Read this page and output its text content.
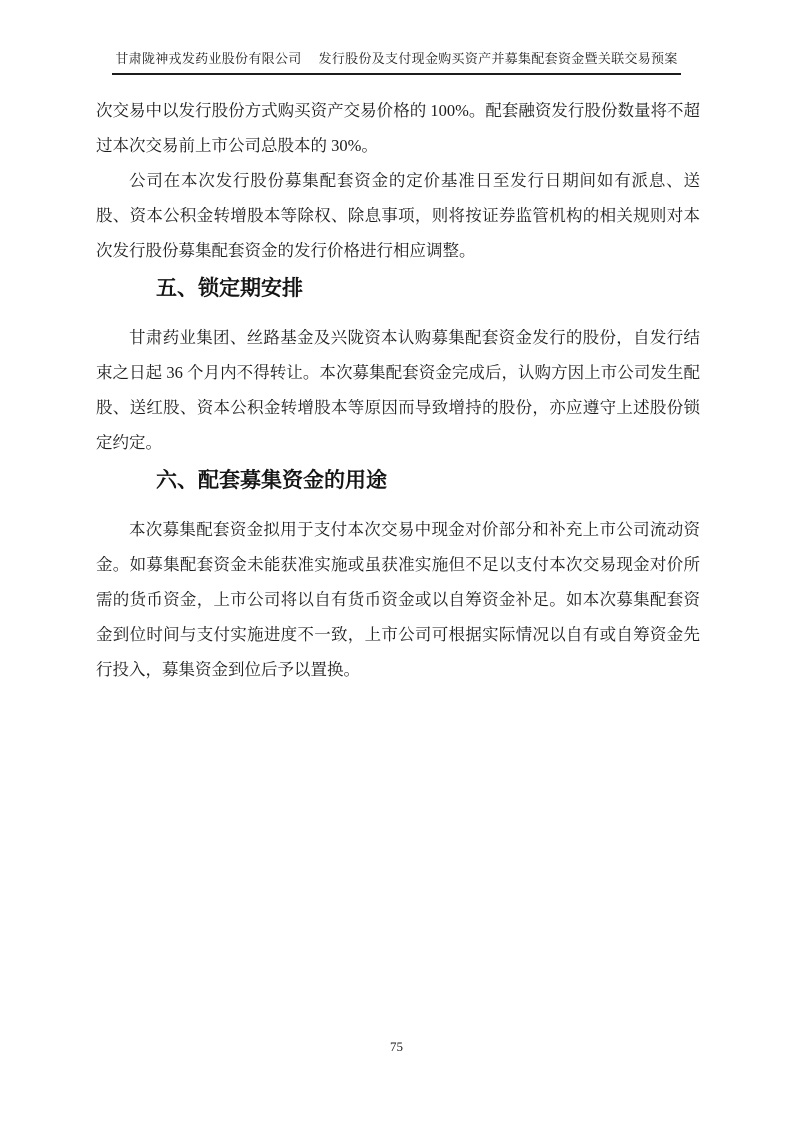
甘肃陇神戎发药业股份有限公司 发行股份及支付现金购买资产并募集配套资金暨关联交易预案

次交易中以发行股份方式购买资产交易价格的 100%。配套融资发行股份数量将不超过本次交易前上市公司总股本的 30%。

公司在本次发行股份募集配套资金的定价基准日至发行日期间如有派息、送股、资本公积金转增股本等除权、除息事项，则将按证券监管机构的相关规则对本次发行股份募集配套资金的发行价格进行相应调整。

五、锁定期安排

甘肃药业集团、丝路基金及兴陇资本认购募集配套资金发行的股份，自发行结束之日起 36 个月内不得转让。本次募集配套资金完成后，认购方因上市公司发生配股、送红股、资本公积金转增股本等原因而导致增持的股份，亦应遵守上述股份锁定约定。

六、配套募集资金的用途

本次募集配套资金拟用于支付本次交易中现金对价部分和补充上市公司流动资金。如募集配套资金未能获准实施或虽获准实施但不足以支付本次交易现金对价所需的货币资金，上市公司将以自有货币资金或以自筹资金补足。如本次募集配套资金到位时间与支付实施进度不一致，上市公司可根据实际情况以自有或自筹资金先行投入，募集资金到位后予以置换。

75
